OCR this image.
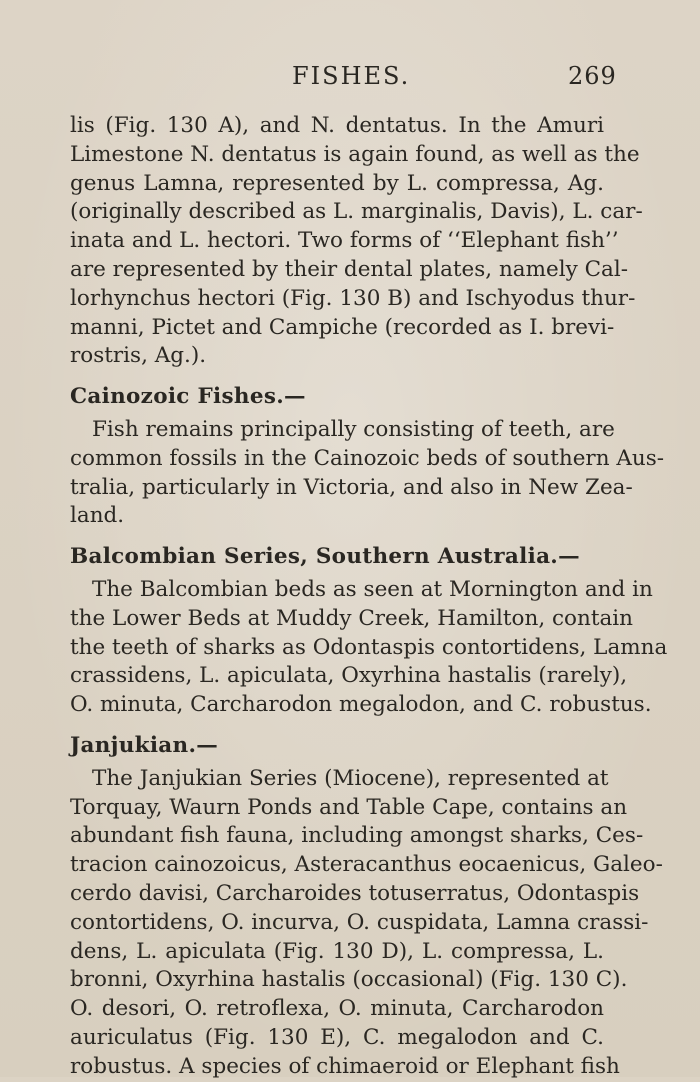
FISHES.	269
lis (Fig. 130 A), and N. dentatus. In the Amuri
Limestone N. dentatus is again found, as well as the
genus Lamna, represented by L. compressa, Ag.
(originally described as L. marginalis, Davis), L. car-
inata and L. hectori. Two forms of ‘‘Elephant fish’’
are represented by their dental plates, namely Cal-
lorhynchus hectori (Fig. 130 B) and Ischyodus thur-
manni, Pictet and Campiche (recorded as I. brevi-
rostris, Ag.).
Cainozoic Fishes.—
Fish remains principally consisting of teeth, are
common fossils in the Cainozoic beds of southern Aus-
tralia, particularly in Victoria, and also in New Zea-
land.
Balcombian Series, Southern Australia.—
The Balcombian beds as seen at Mornington and in
the Lower Beds at Muddy Creek, Hamilton, contain
the teeth of sharks as Odontaspis contortidens, Lamna
crassidens, L. apiculata, Oxyrhina hastalis (rarely),
O. minuta, Carcharodon megalodon, and C. robustus.
Janjukian.—
The Janjukian Series (Miocene), represented at
Torquay, Waurn Ponds and Table Cape, contains an
abundant fish fauna, including amongst sharks, Ces-
tracion cainozoicus, Asteracanthus eocaenicus, Galeo-
cerdo davisi, Carcharoides totuserratus, Odontaspis
contortidens, O. incurva, O. cuspidata, Lamna crassi-
dens, L. apiculata (Fig. 130 D), L. compressa, L.
bronni, Oxyrhina hastalis (occasional) (Fig. 130 C).
O. desori, O. retroflexa, O. minuta, Carcharodon
auriculatus (Fig. 130 E), C. megalodon and C.
robustus. A species of chimaeroid or Elephant fish
